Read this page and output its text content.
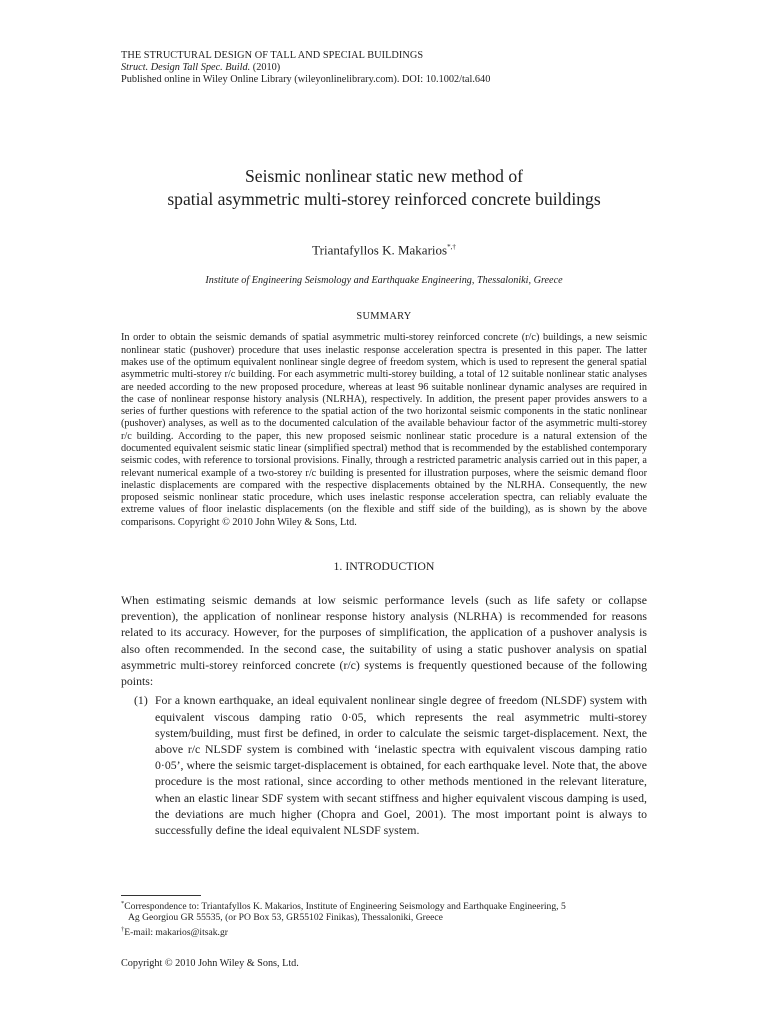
THE STRUCTURAL DESIGN OF TALL AND SPECIAL BUILDINGS

Struct. Design Tall Spec. Build. (2010)

Published online in Wiley Online Library (wileyonlinelibrary.com). DOI: 10.1002/tal.640

Seismic nonlinear static new method of
spatial asymmetric multi-storey reinforced concrete buildings
Triantafyllos K. Makarios*,†
Institute of Engineering Seismology and Earthquake Engineering, Thessaloniki, Greece
SUMMARY
In order to obtain the seismic demands of spatial asymmetric multi-storey reinforced concrete (r/c) buildings, a new seismic nonlinear static (pushover) procedure that uses inelastic response acceleration spectra is presented in this paper. The latter makes use of the optimum equivalent nonlinear single degree of freedom system, which is used to represent the general spatial asymmetric multi-storey r/c building. For each asymmetric multi-storey building, a total of 12 suitable nonlinear static analyses are needed according to the new proposed procedure, whereas at least 96 suitable nonlinear dynamic analyses are required in the case of nonlinear response history analysis (NLRHA), respectively. In addition, the present paper provides answers to a series of further questions with reference to the spatial action of the two horizontal seismic components in the static nonlinear (pushover) analyses, as well as to the documented calculation of the available behaviour factor of the asymmetric multi-storey r/c building. According to the paper, this new proposed seismic nonlinear static procedure is a natural extension of the documented equivalent seismic static linear (simplified spectral) method that is recommended by the established contemporary seismic codes, with reference to torsional provisions. Finally, through a restricted parametric analysis carried out in this paper, a relevant numerical example of a two-storey r/c building is presented for illustration purposes, where the seismic demand floor inelastic displacements are compared with the respective displacements obtained by the NLRHA. Consequently, the new proposed seismic nonlinear static procedure, which uses inelastic response acceleration spectra, can reliably evaluate the extreme values of floor inelastic displacements (on the flexible and stiff side of the building), as is shown by the above comparisons. Copyright © 2010 John Wiley & Sons, Ltd.
1. INTRODUCTION
When estimating seismic demands at low seismic performance levels (such as life safety or collapse prevention), the application of nonlinear response history analysis (NLRHA) is recommended for reasons related to its accuracy. However, for the purposes of simplification, the application of a pushover analysis is also often recommended. In the second case, the suitability of using a static pushover analysis on spatial asymmetric multi-storey reinforced concrete (r/c) systems is frequently questioned because of the following points:
(1) For a known earthquake, an ideal equivalent nonlinear single degree of freedom (NLSDF) system with equivalent viscous damping ratio 0·05, which represents the real asymmetric multi-storey system/building, must first be defined, in order to calculate the seismic target-displacement. Next, the above r/c NLSDF system is combined with ‘inelastic spectra with equivalent viscous damping ratio 0·05’, where the seismic target-displacement is obtained, for each earthquake level. Note that, the above procedure is the most rational, since according to other methods mentioned in the relevant literature, when an elastic linear SDF system with secant stiffness and higher equivalent viscous damping is used, the deviations are much higher (Chopra and Goel, 2001). The most important point is always to successfully define the ideal equivalent NLSDF system.

*Correspondence to: Triantafyllos K. Makarios, Institute of Engineering Seismology and Earthquake Engineering, 5

Ag Georgiou GR 55535, (or PO Box 53, GR55102 Finikas), Thessaloniki, Greece

†E-mail: makarios@itsak.gr

Copyright © 2010 John Wiley & Sons, Ltd.
